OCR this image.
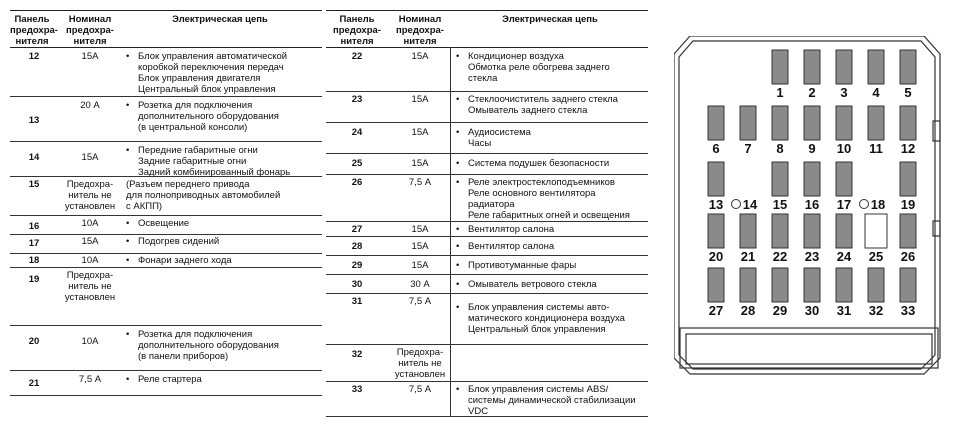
Панель
предохра-
нителя
Номинал
предохра-
нителя
Электрическая цепь
12	15А	• Блок управления автоматической
коробкой переключения передач
Блок управления двигателя
Центральный блок управления
13
20 А	• Розетка для подключения
дополнительного оборудования
(в центральной консоли)
14	15А
• Передние габаритные огни
Задние габаритные огни
Задний комбинированный фонарь
15	Предохра-
нитель не
установлен
(Разъем переднего привода
для полноприводных автомобилей
с АКПП)
16	10А	• Освещение
17	15А	• Подогрев сидений
18	10А	• Фонари заднего хода
19	Предохра-
нитель не
установлен
20	10А
• Розетка для подключения
дополнительного оборудования
(в панели приборов)
21	7,5 А	• Реле стартера
Панель
предохра-
нителя
Номинал
предохра-
нителя
Электрическая цепь
22	15А	• Кондиционер воздуха
Обмотка реле обогрева заднего
стекла
23	15А	• Стеклоочиститель заднего стекла
Омыватель заднего стекла
24	15А	• Аудиосистема
Часы
25	15А	• Система подушек безопасности
26	7,5 А	• Реле электростеклоподъемников
Реле основного вентилятора
радиатора
Реле габаритных огней и освещения
27	15А	• Вентилятор салона
28	15А	• Вентилятор салона
29	15А	• Противотуманные фары
30	30 А	• Омыватель ветрового стекла
31	7,5 А
• Блок управления системы авто-
матического кондиционера воздуха
Центральный блок управления
32	Предохра-
нитель не
установлен
33	7,5 А	• Блок управления системы ABS/
системы динамической стабилизации
VDC
1 2 3 4 5
6 7 8 9 10 11 12
13 14 15 16 17 18 19
20 21 22 23 24 25 26
27 28 29 30 31 32 33
